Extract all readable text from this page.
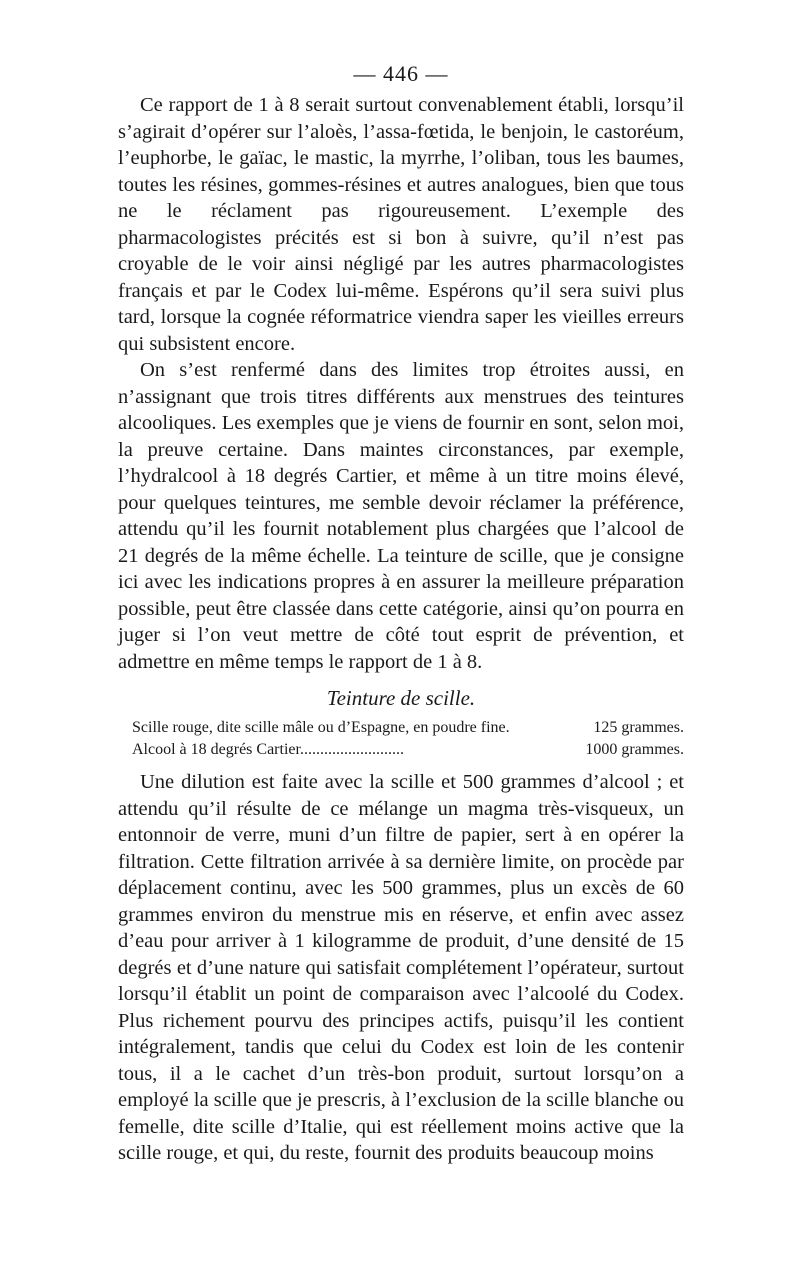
— 446 —

Ce rapport de 1 à 8 serait surtout convenablement établi, lorsqu’il s’agirait d’opérer sur l’aloès, l’assa-fœtida, le benjoin, le castoréum, l’euphorbe, le gaïac, le mastic, la myrrhe, l’oliban, tous les baumes, toutes les résines, gommes-résines et autres analogues, bien que tous ne le réclament pas rigoureusement. L’exemple des pharmacologistes précités est si bon à suivre, qu’il n’est pas croyable de le voir ainsi négligé par les autres pharmacologistes français et par le Codex lui-même. Espérons qu’il sera suivi plus tard, lorsque la cognée réformatrice viendra saper les vieilles erreurs qui subsistent encore.

On s’est renfermé dans des limites trop étroites aussi, en n’assignant que trois titres différents aux menstrues des teintures alcooliques. Les exemples que je viens de fournir en sont, selon moi, la preuve certaine. Dans maintes circonstances, par exemple, l’hydralcool à 18 degrés Cartier, et même à un titre moins élevé, pour quelques teintures, me semble devoir réclamer la préférence, attendu qu’il les fournit notablement plus chargées que l’alcool de 21 degrés de la même échelle. La teinture de scille, que je consigne ici avec les indications propres à en assurer la meilleure préparation possible, peut être classée dans cette catégorie, ainsi qu’on pourra en juger si l’on veut mettre de côté tout esprit de prévention, et admettre en même temps le rapport de 1 à 8.

Teinture de scille.
Scille rouge, dite scille mâle ou d’Espagne, en poudre fine.	125 grammes.
Alcool à 18 degrés Cartier..........................	1000 grammes.

Une dilution est faite avec la scille et 500 grammes d’alcool ; et attendu qu’il résulte de ce mélange un magma très-visqueux, un entonnoir de verre, muni d’un filtre de papier, sert à en opérer la filtration. Cette filtration arrivée à sa dernière limite, on procède par déplacement continu, avec les 500 grammes, plus un excès de 60 grammes environ du menstrue mis en réserve, et enfin avec assez d’eau pour arriver à 1 kilogramme de produit, d’une densité de 15 degrés et d’une nature qui satisfait complétement l’opérateur, surtout lorsqu’il établit un point de comparaison avec l’alcoolé du Codex. Plus richement pourvu des principes actifs, puisqu’il les contient intégralement, tandis que celui du Codex est loin de les contenir tous, il a le cachet d’un très-bon produit, surtout lorsqu’on a employé la scille que je prescris, à l’exclusion de la scille blanche ou femelle, dite scille d’Italie, qui est réellement moins active que la scille rouge, et qui, du reste, fournit des produits beaucoup moins
